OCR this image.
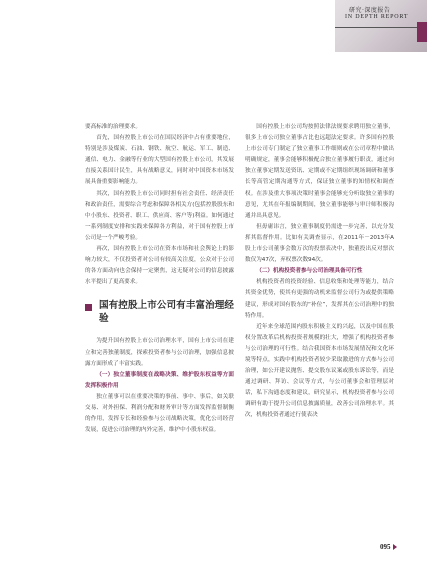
研究·深度报告
IN DEPTH REPORT

要高标准的治理要求。

首先，国有控股上市公司在国民经济中占有重要地位，特别是涉及煤炭、石油、钢铁、航空、航运、军工、制造、通信、电力、金融等行业的大型国有控股上市公司，其发展直接关系国计民生，具有战略意义，同时对中国资本市场发展具备重要影响能力。

其次，国有控股上市公司同时担有社会责任、经济责任和政治责任，需要综合考虑和保障各相关方(包括控股股东和中小股东、投资者、职工、供应商、客户等)利益。如何通过一系列制度安排和实践来保障各方利益，对于国有控股上市公司是一个严峻考验。

再次，国有控股上市公司在资本市场和社会舆论上的影响力较大，不仅投资者对公司有较高关注度，公众对于公司的各方面动向也会保持一定聚焦，这无疑对公司的信息披露水平提出了更高要求。

国有控股上市公司有丰富治理经验

为提升国有控股上市公司治理水平，国有上市公司在建立和完善独董制度，探索投资者参与公司治理，加强信息披露方面形成了丰富实践。

（一）独立董事制度在战略决策、维护股东权益等方面发挥积极作用

独立董事可以在重要决策的事前、事中、事后，如关联交易、对外担保、利润分配和财务审计等方面发挥监督制衡的作用，发挥专长和经验参与公司战略决策，优化公司经营发展，促进公司治理的内外完善，维护中小股东权益。

国有控股上市公司均按照法律法规要求聘用独立董事，很多上市公司独立董事占比也远超法定要求。许多国有控股上市公司专门制定了独立董事工作细则或在公司章程中做出明确规定，董事会能够积极配合独立董事履行职责，通过向独立董事定期发送资讯、定期或不定期组织现场调研和董事长等高管定期沟通等方式，保证独立董事的知情权和调查权。在涉及重大事项决策时董事会能够充分听取独立董事的意见，尤其在年报编制期间，独立董事能够与审计师积极沟通并出具意见。

但毋庸讳言，独立董事制度仍需进一步完善，以充分发挥其监督作用。比如有关调查显示，在2011年－2013年A股上市公司董事会数万次的投票表决中，独董投出反对票次数仅为47次，弃权票次数94次。

（二）机构投资者参与公司治理具备可行性

机构投资者的投资经验、信息收集和处理等能力，结合其资金优势，使其有更强的动机来监督公司行为或提供策略建议，形成对国有股东的“补位”，发挥其在公司治理中的独特作用。

近年来全球范围内股东积极主义的兴起，以及中国在股权分置改革后机构投资者规模的壮大，增强了机构投资者参与公司治理的可行性。结合我国资本市场发展情况和文化环境等特点，实践中机构投资者较少采取激进的方式参与公司治理，如公开建议抛售、提交股东议案或股东诉讼等，而是通过调研、拜访、会议等方式，与公司董事会和管理层对话，私下沟通态度和建议，研究显示，机构投资者参与公司调研有助于提升公司信息披露质量，改善公司治理水平。其次，机构投资者通过行使表决

095
